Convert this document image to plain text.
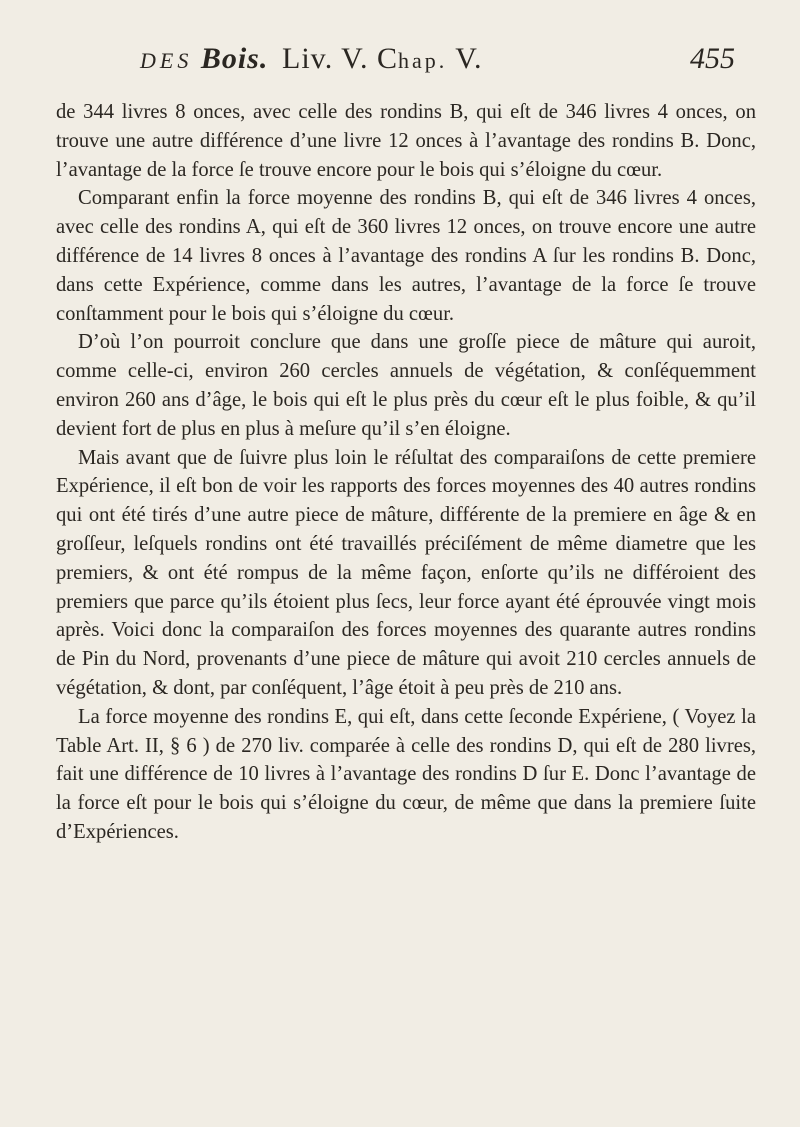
DES Bois. Liv. V. Chap. V.	455

de 344 livres 8 onces, avec celle des rondins B, qui eſt de 346 livres 4 onces, on trouve une autre différence d’une livre 12 onces à l’avantage des rondins B. Donc, l’avantage de la force ſe trouve encore pour le bois qui s’éloigne du cœur.

Comparant enfin la force moyenne des rondins B, qui eſt de 346 livres 4 onces, avec celle des rondins A, qui eſt de 360 livres 12 onces, on trouve encore une autre différence de 14 livres 8 onces à l’avantage des rondins A ſur les rondins B. Donc, dans cette Expérience, comme dans les autres, l’avantage de la force ſe trouve conſtamment pour le bois qui s’éloigne du cœur.

D’où l’on pourroit conclure que dans une groſſe piece de mâture qui auroit, comme celle-ci, environ 260 cercles annuels de végétation, & conſéquemment environ 260 ans d’âge, le bois qui eſt le plus près du cœur eſt le plus foible, & qu’il devient fort de plus en plus à meſure qu’il s’en éloigne.

Mais avant que de ſuivre plus loin le réſultat des comparaiſons de cette premiere Expérience, il eſt bon de voir les rapports des forces moyennes des 40 autres rondins qui ont été tirés d’une autre piece de mâture, différente de la premiere en âge & en groſſeur, leſquels rondins ont été travaillés préciſément de même diametre que les premiers, & ont été rompus de la même façon, enſorte qu’ils ne différoient des premiers que parce qu’ils étoient plus ſecs, leur force ayant été éprouvée vingt mois après. Voici donc la comparaiſon des forces moyennes des quarante autres rondins de Pin du Nord, provenants d’une piece de mâture qui avoit 210 cercles annuels de végétation, & dont, par conſéquent, l’âge étoit à peu près de 210 ans.

La force moyenne des rondins E, qui eſt, dans cette ſeconde Expériene, ( Voyez la Table Art. II, § 6 ) de 270 liv. comparée à celle des rondins D, qui eſt de 280 livres, fait une différence de 10 livres à l’avantage des rondins D ſur E. Donc l’avantage de la force eſt pour le bois qui s’éloigne du cœur, de même que dans la premiere ſuite d’Expériences.
